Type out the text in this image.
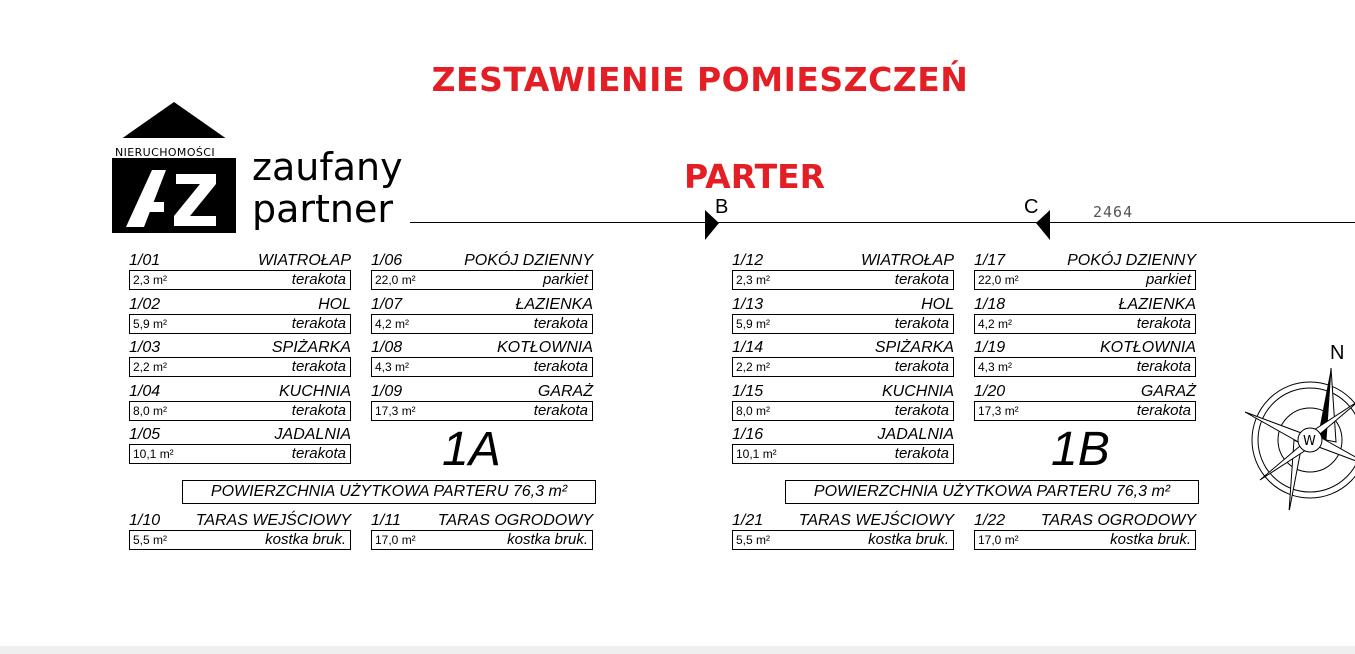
ZESTAWIENIE POMIESZCZEŃ
PARTER
NIERUCHOMOŚCI zaufany
partner	B	C	2464
1/01	WIATROŁAP
2,3 m²	terakota
1/02	HOL
5,9 m²	terakota
1/03	SPIŻARKA
2,2 m²	terakota
1/04	KUCHNIA
8,0 m²	terakota
1/05	JADALNIA
10,1 m²	terakota
1/06	POKÓJ DZIENNY
22,0 m²	parkiet
1/07	ŁAZIENKA
4,2 m²	terakota
1/08	KOTŁOWNIA
4,3 m²	terakota
1/09	GARAŻ
17,3 m²	terakota
1A
POWIERZCHNIA UŻYTKOWA PARTERU 76,3 m²
1/10 TARAS WEJŚCIOWY
5,5 m²	kostka bruk.
1/11 TARAS OGRODOWY
17,0 m²	kostka bruk.
1/12	WIATROŁAP
2,3 m²	terakota
1/13	HOL
5,9 m²	terakota
1/14	SPIŻARKA
2,2 m²	terakota
1/15	KUCHNIA
8,0 m²	terakota
1/16	JADALNIA
10,1 m²	terakota
1/17	POKÓJ DZIENNY
22,0 m²	parkiet
1/18	ŁAZIENKA
4,2 m²	terakota
1/19	KOTŁOWNIA
4,3 m²	terakota
1/20	GARAŻ
17,3 m²	terakota
1B
POWIERZCHNIA UŻYTKOWA PARTERU 76,3 m²
1/21 TARAS WEJŚCIOWY
5,5 m²	kostka bruk.
1/22 TARAS OGRODOWY
17,0 m²	kostka bruk.
N
W
